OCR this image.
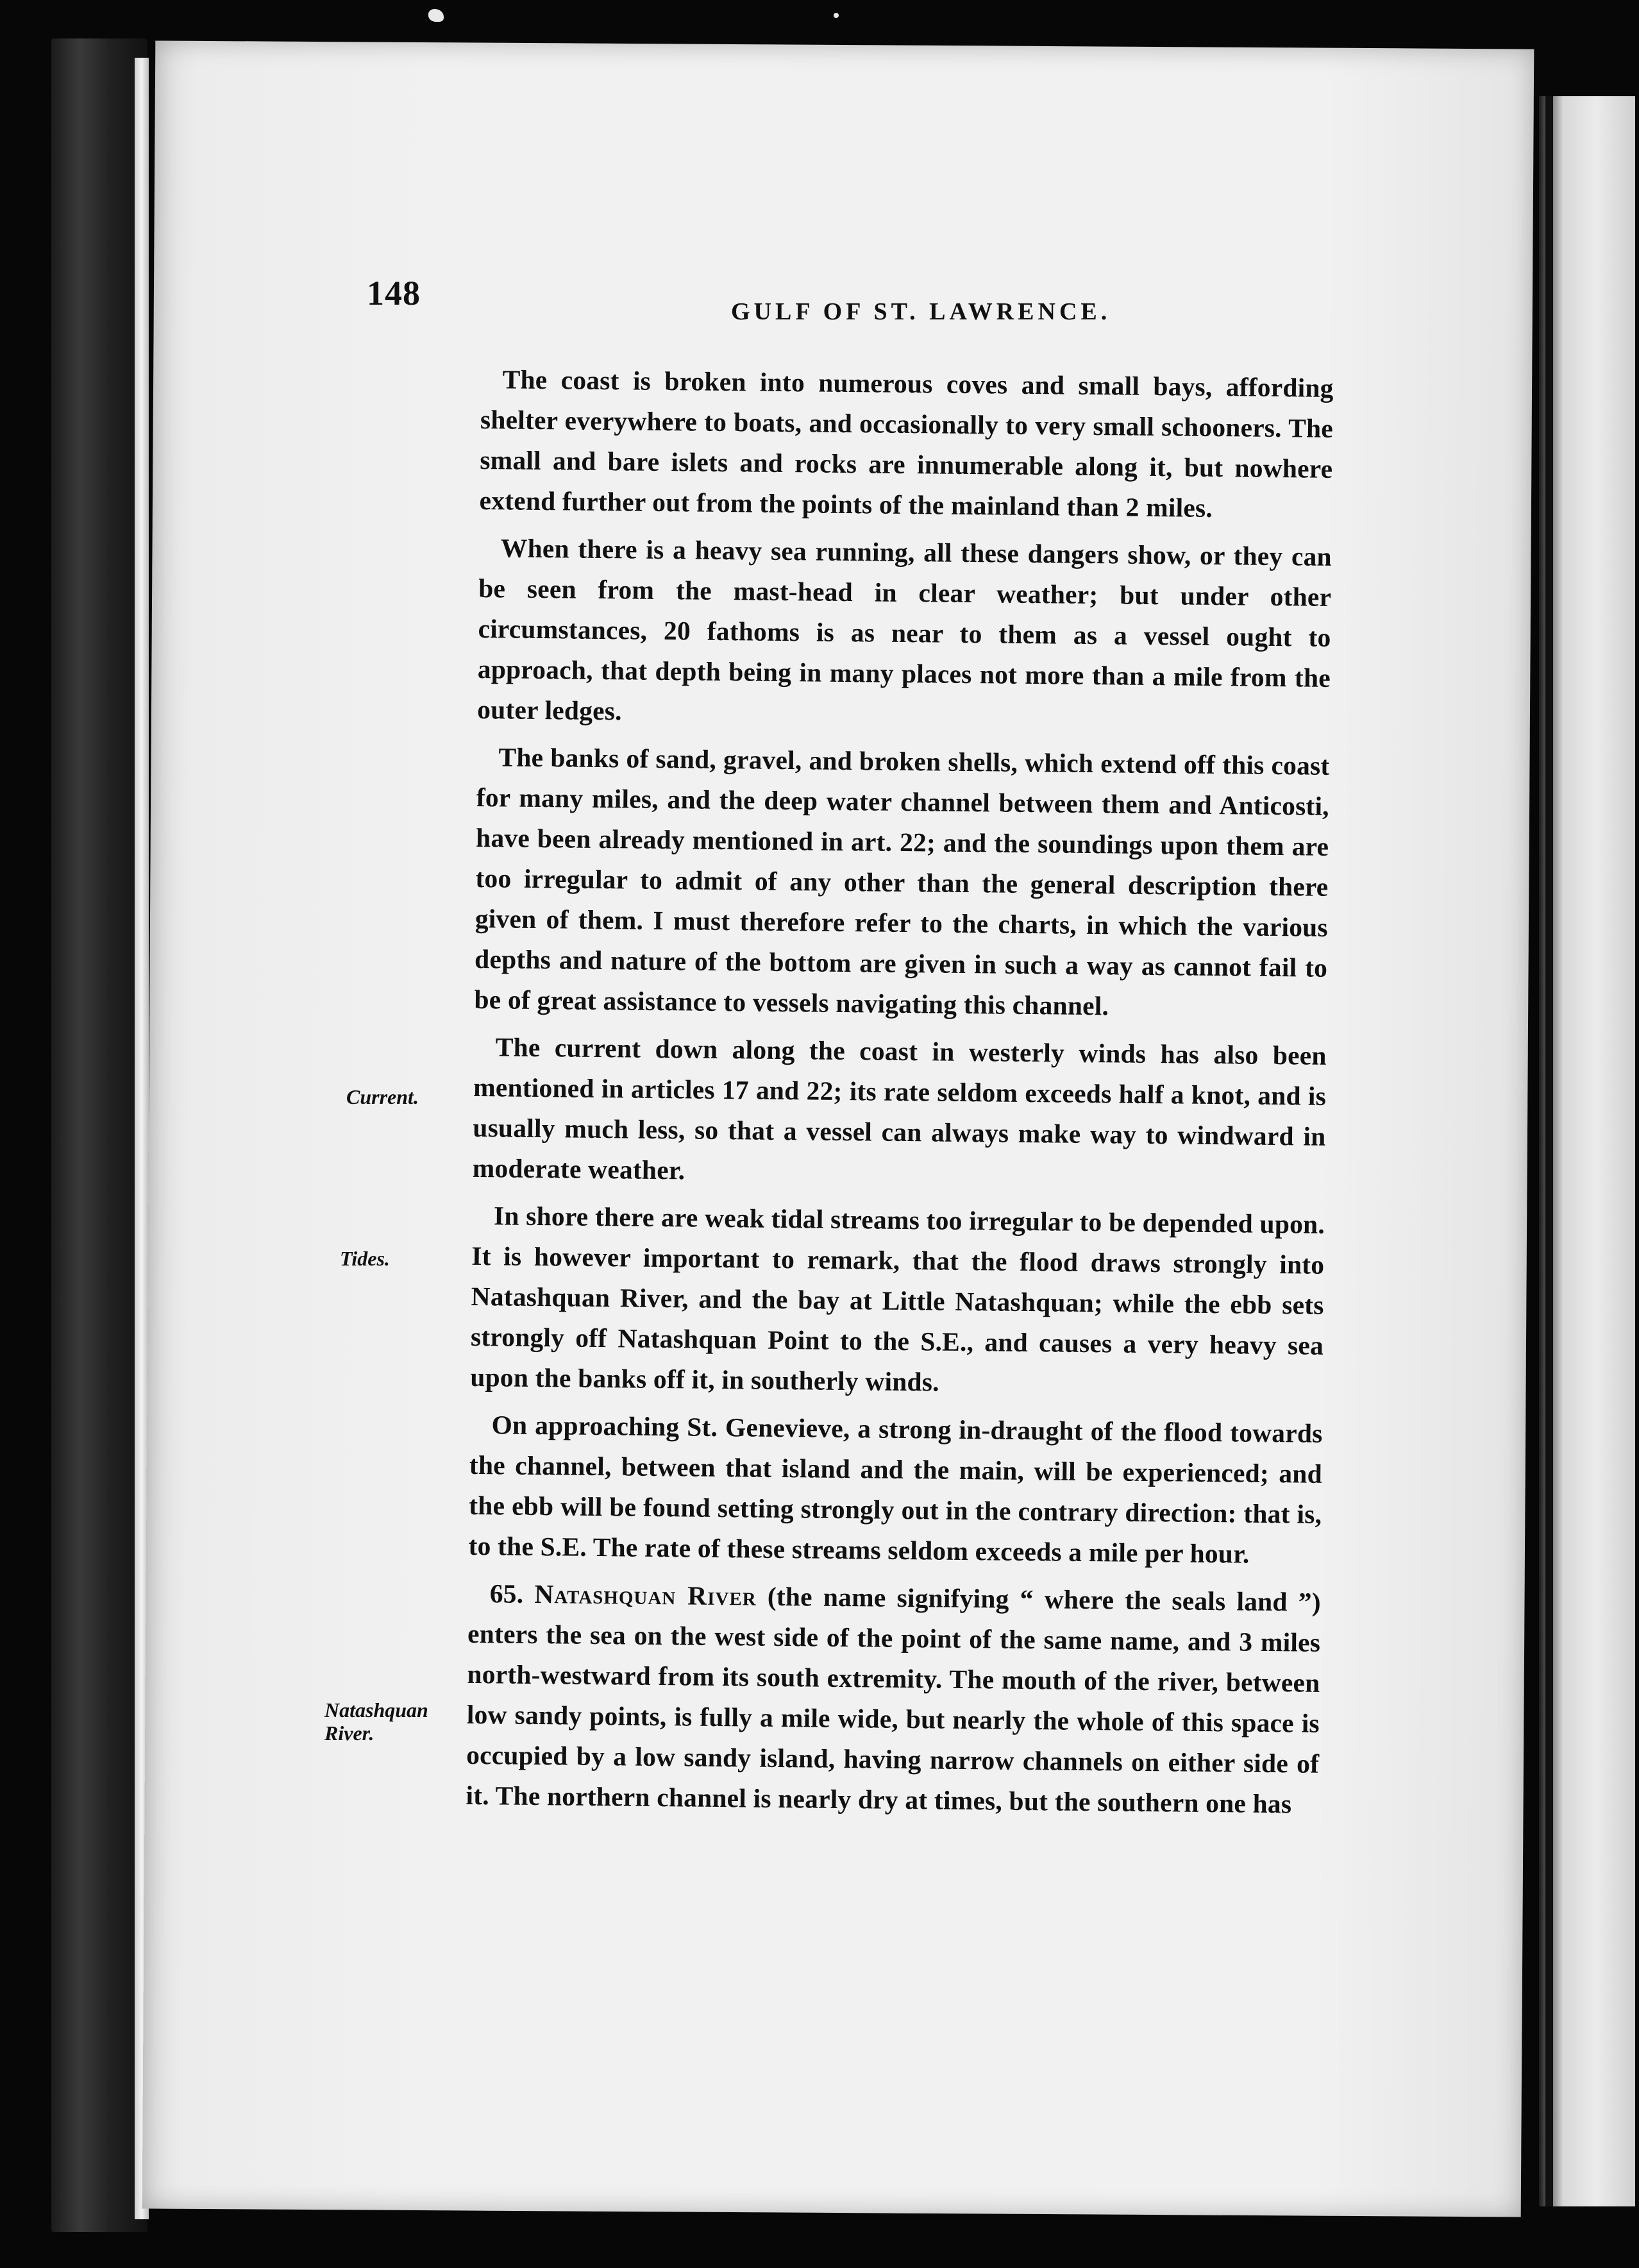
148	GULF OF ST. LAWRENCE.
Current.
Tides.
Natashquan
River.

The coast is broken into numerous coves and small bays, affording shelter everywhere to boats, and occasionally to very small schooners. The small and bare islets and rocks are innumerable along it, but nowhere extend further out from the points of the mainland than 2 miles.

When there is a heavy sea running, all these dangers show, or they can be seen from the mast-head in clear weather; but under other circumstances, 20 fathoms is as near to them as a vessel ought to approach, that depth being in many places not more than a mile from the outer ledges.

The banks of sand, gravel, and broken shells, which extend off this coast for many miles, and the deep water channel between them and Anticosti, have been already mentioned in art. 22; and the soundings upon them are too irregular to admit of any other than the general description there given of them. I must therefore refer to the charts, in which the various depths and nature of the bottom are given in such a way as cannot fail to be of great assistance to vessels navigating this channel.

The current down along the coast in westerly winds has also been mentioned in articles 17 and 22; its rate seldom exceeds half a knot, and is usually much less, so that a vessel can always make way to windward in moderate weather.

In shore there are weak tidal streams too irregular to be depended upon. It is however important to remark, that the flood draws strongly into Natashquan River, and the bay at Little Natashquan; while the ebb sets strongly off Natashquan Point to the S.E., and causes a very heavy sea upon the banks off it, in southerly winds.

On approaching St. Genevieve, a strong in-draught of the flood towards the channel, between that island and the main, will be experienced; and the ebb will be found setting strongly out in the contrary direction: that is, to the S.E. The rate of these streams seldom exceeds a mile per hour.

65. Natashquan River (the name signifying “ where the seals land ”) enters the sea on the west side of the point of the same name, and 3 miles north-westward from its south extremity. The mouth of the river, between low sandy points, is fully a mile wide, but nearly the whole of this space is occupied by a low sandy island, having narrow channels on either side of it. The northern channel is nearly dry at times, but the southern one has
